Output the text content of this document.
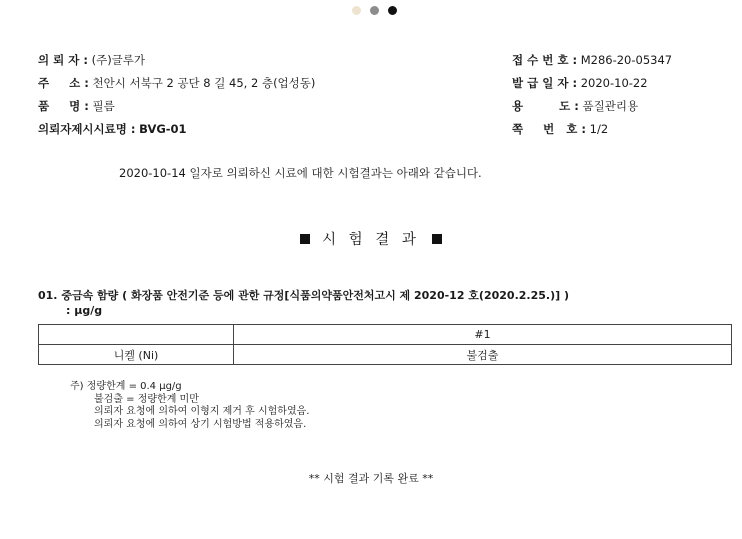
의 뢰 자 : (주)글루가
주     소 : 천안시 서북구 2 공단 8 길 45, 2 층(업성동)
품     명 : 필름
의뢰자제시시료명 : BVG-01
접 수 번 호 : M286-20-05347
발 급 일 자 : 2020-10-22
용         도 : 품질관리용
쪽     번   호 : 1/2
2020-10-14 일자로 의뢰하신 시료에 대한 시험결과는 아래와 같습니다.
시 험 결 과
01. 중금속 함량 ( 화장품 안전기준 등에 관한 규정[식품의약품안전처고시 제 2020-12 호(2020.2.25.)] )
: μg/g
	#1
니켈 (Ni)	불검출
주) 정량한계 = 0.4 μg/g
불검출 = 정량한계 미만
의뢰자 요청에 의하여 이형지 제거 후 시험하였음.
의뢰자 요청에 의하여 상기 시험방법 적용하였음.
** 시험 결과 기록 완료 **
